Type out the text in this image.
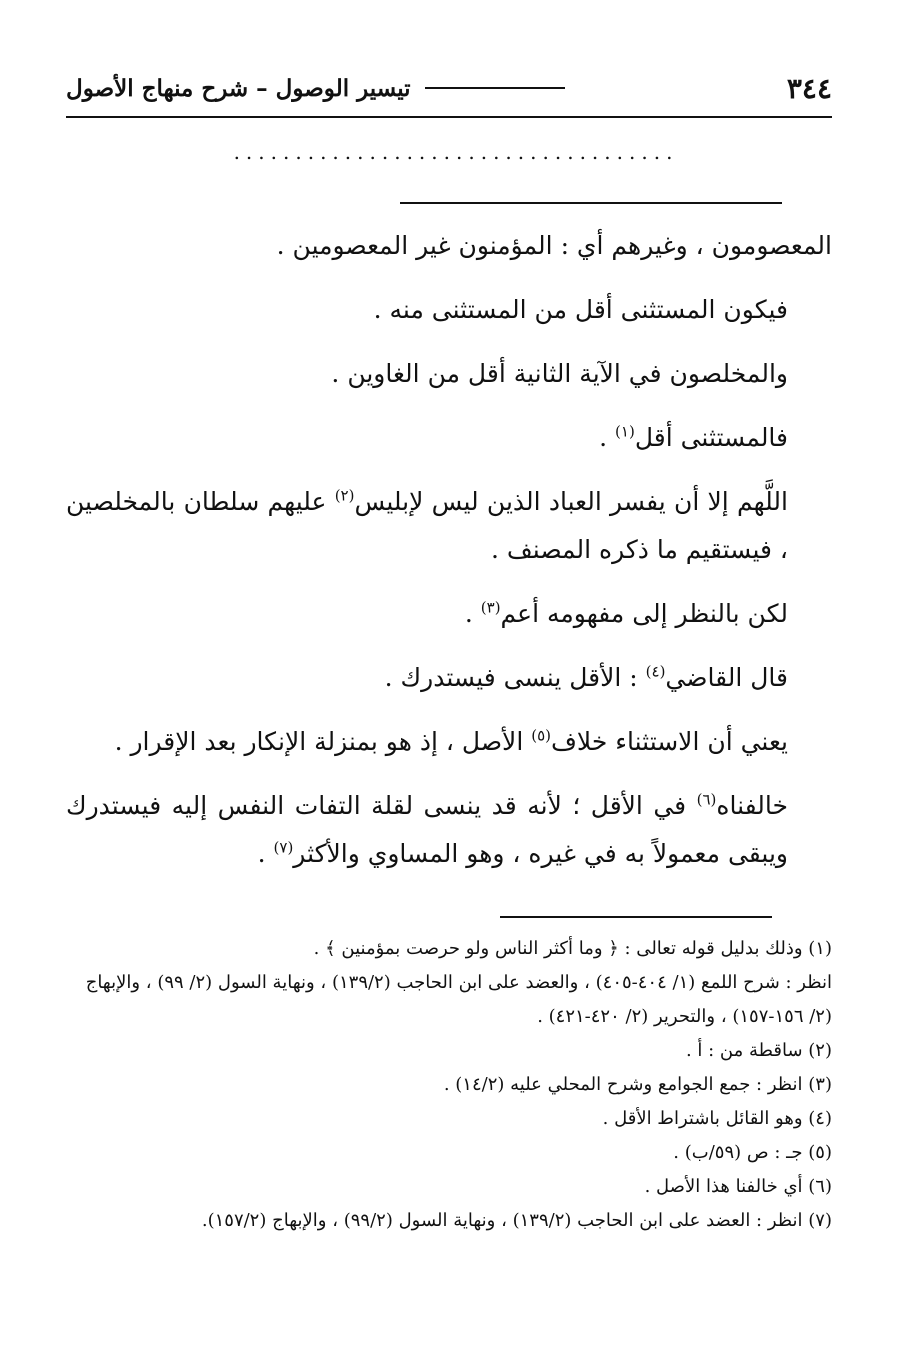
٣٤٤
تيسير الوصول – شرح منهاج الأصول
....................................

المعصومون ، وغيرهم أي : المؤمنون غير المعصومين .

فيكون المستثنى أقل من المستثنى منه .

والمخلصون في الآية الثانية أقل من الغاوين .

فالمستثنى أقل$^{(١)}$ .

اللَّهم إلا أن يفسر العباد الذين ليس لإبليس$^{(٢)}$ عليهم سلطان بالمخلصين ، فيستقيم ما ذكره المصنف .

لكن بالنظر إلى مفهومه أعم$^{(٣)}$ .

قال القاضي$^{(٤)}$ : الأقل ينسى فيستدرك .

يعني أن الاستثناء خلاف$^{(٥)}$ الأصل ، إذ هو بمنزلة الإنكار بعد الإقرار .

خالفناه$^{(٦)}$ في الأقل ؛ لأنه قد ينسى لقلة التفات النفس إليه فيستدرك ويبقى معمولاً به في غيره ، وهو المساوي والأكثر$^{(٧)}$ .

(١) وذلك بدليل قوله تعالى : ﴿ وما أكثر الناس ولو حرصت بمؤمنين ﴾ .

انظر : شرح اللمع (١/ ٤٠٤-٤٠٥) ، والعضد على ابن الحاجب (١٣٩/٢) ، ونهاية السول (٢/ ٩٩) ، والإبهاج (٢/ ١٥٦-١٥٧) ، والتحرير (٢/ ٤٢٠-٤٢١) .

(٢) ساقطة من : أ .

(٣) انظر : جمع الجوامع وشرح المحلي عليه (١٤/٢) .

(٤) وهو القائل باشتراط الأقل .

(٥) جـ : ص (٥٩/ب) .

(٦) أي خالفنا هذا الأصل .

(٧) انظر : العضد على ابن الحاجب (١٣٩/٢) ، ونهاية السول (٩٩/٢) ، والإبهاج (١٥٧/٢).
